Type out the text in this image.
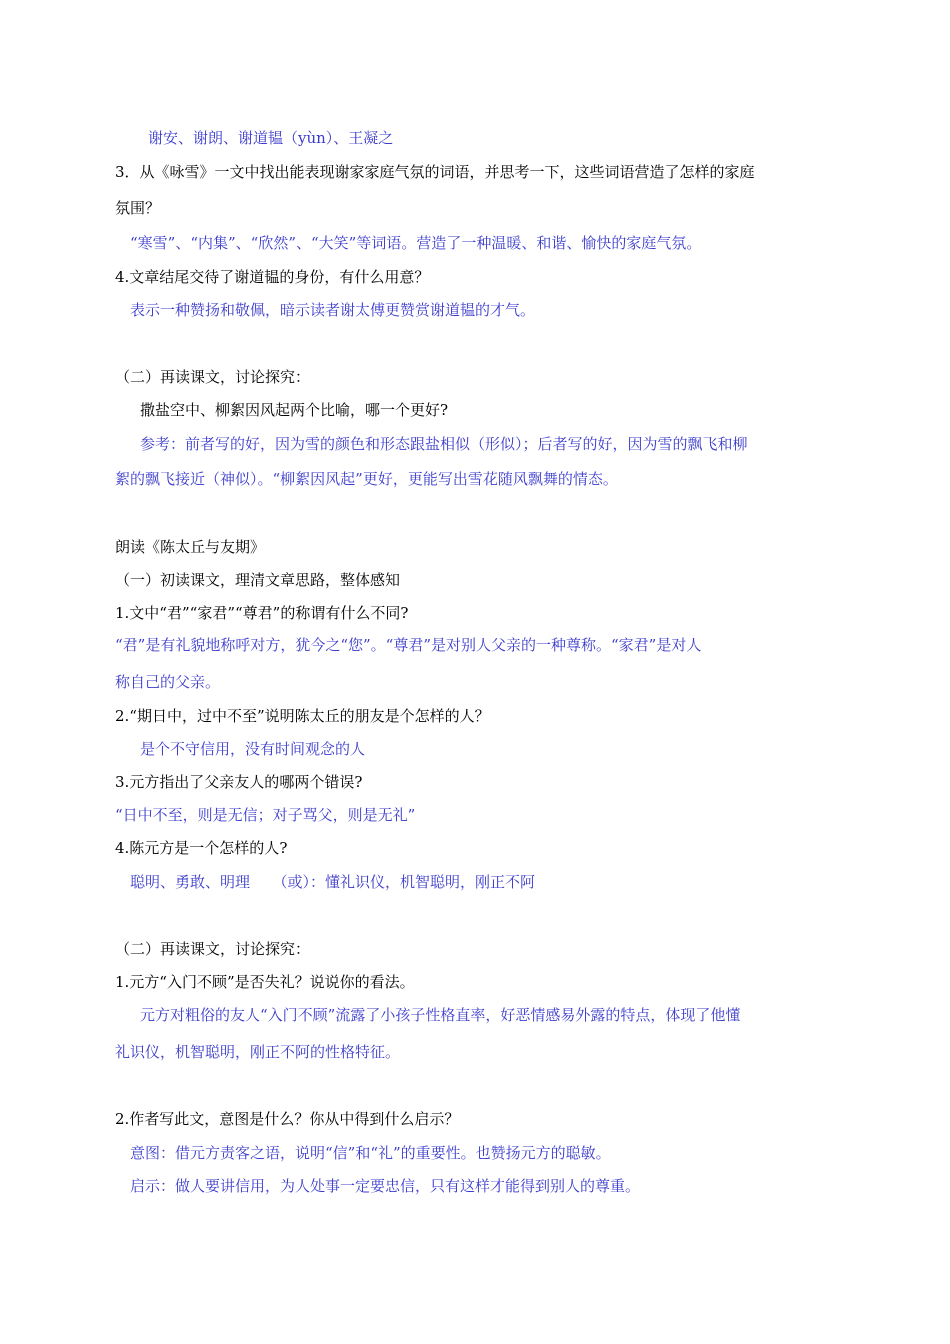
谢安、谢朗、谢道韫（yùn）、王凝之
3．从《咏雪》一文中找出能表现谢家家庭气氛的词语，并思考一下，这些词语营造了怎样的家庭
氛围？
“寒雪”、“内集”、“欣然”、“大笑”等词语。营造了一种温暖、和谐、愉快的家庭气氛。
4.文章结尾交待了谢道韫的身份，有什么用意？
表示一种赞扬和敬佩，暗示读者谢太傅更赞赏谢道韫的才气。
（二）再读课文，讨论探究：
撒盐空中、柳絮因风起两个比喻，哪一个更好?
参考：前者写的好，因为雪的颜色和形态跟盐相似（形似）；后者写的好，因为雪的飘飞和柳
絮的飘飞接近（神似）。“柳絮因风起”更好，更能写出雪花随风飘舞的情态。
朗读《陈太丘与友期》
（一）初读课文，理清文章思路，整体感知
1.文中“君”“家君”“尊君”的称谓有什么不同?
“君”是有礼貌地称呼对方，犹今之“您”。“尊君”是对别人父亲的一种尊称。“家君”是对人
称自己的父亲。
2.“期日中，过中不至”说明陈太丘的朋友是个怎样的人？
是个不守信用，没有时间观念的人
3.元方指出了父亲友人的哪两个错误?
“日中不至，则是无信；对子骂父，则是无礼”
4.陈元方是一个怎样的人?
聪明、勇敢、明理　　（或）：懂礼识仪，机智聪明，刚正不阿
（二）再读课文，讨论探究：
1.元方“入门不顾”是否失礼？说说你的看法。
元方对粗俗的友人“入门不顾”流露了小孩子性格直率，好恶情感易外露的特点，体现了他懂
礼识仪，机智聪明，刚正不阿的性格特征。
2.作者写此文，意图是什么？你从中得到什么启示？
意图：借元方责客之语，说明“信”和“礼”的重要性。也赞扬元方的聪敏。
启示：做人要讲信用，为人处事一定要忠信，只有这样才能得到别人的尊重。
